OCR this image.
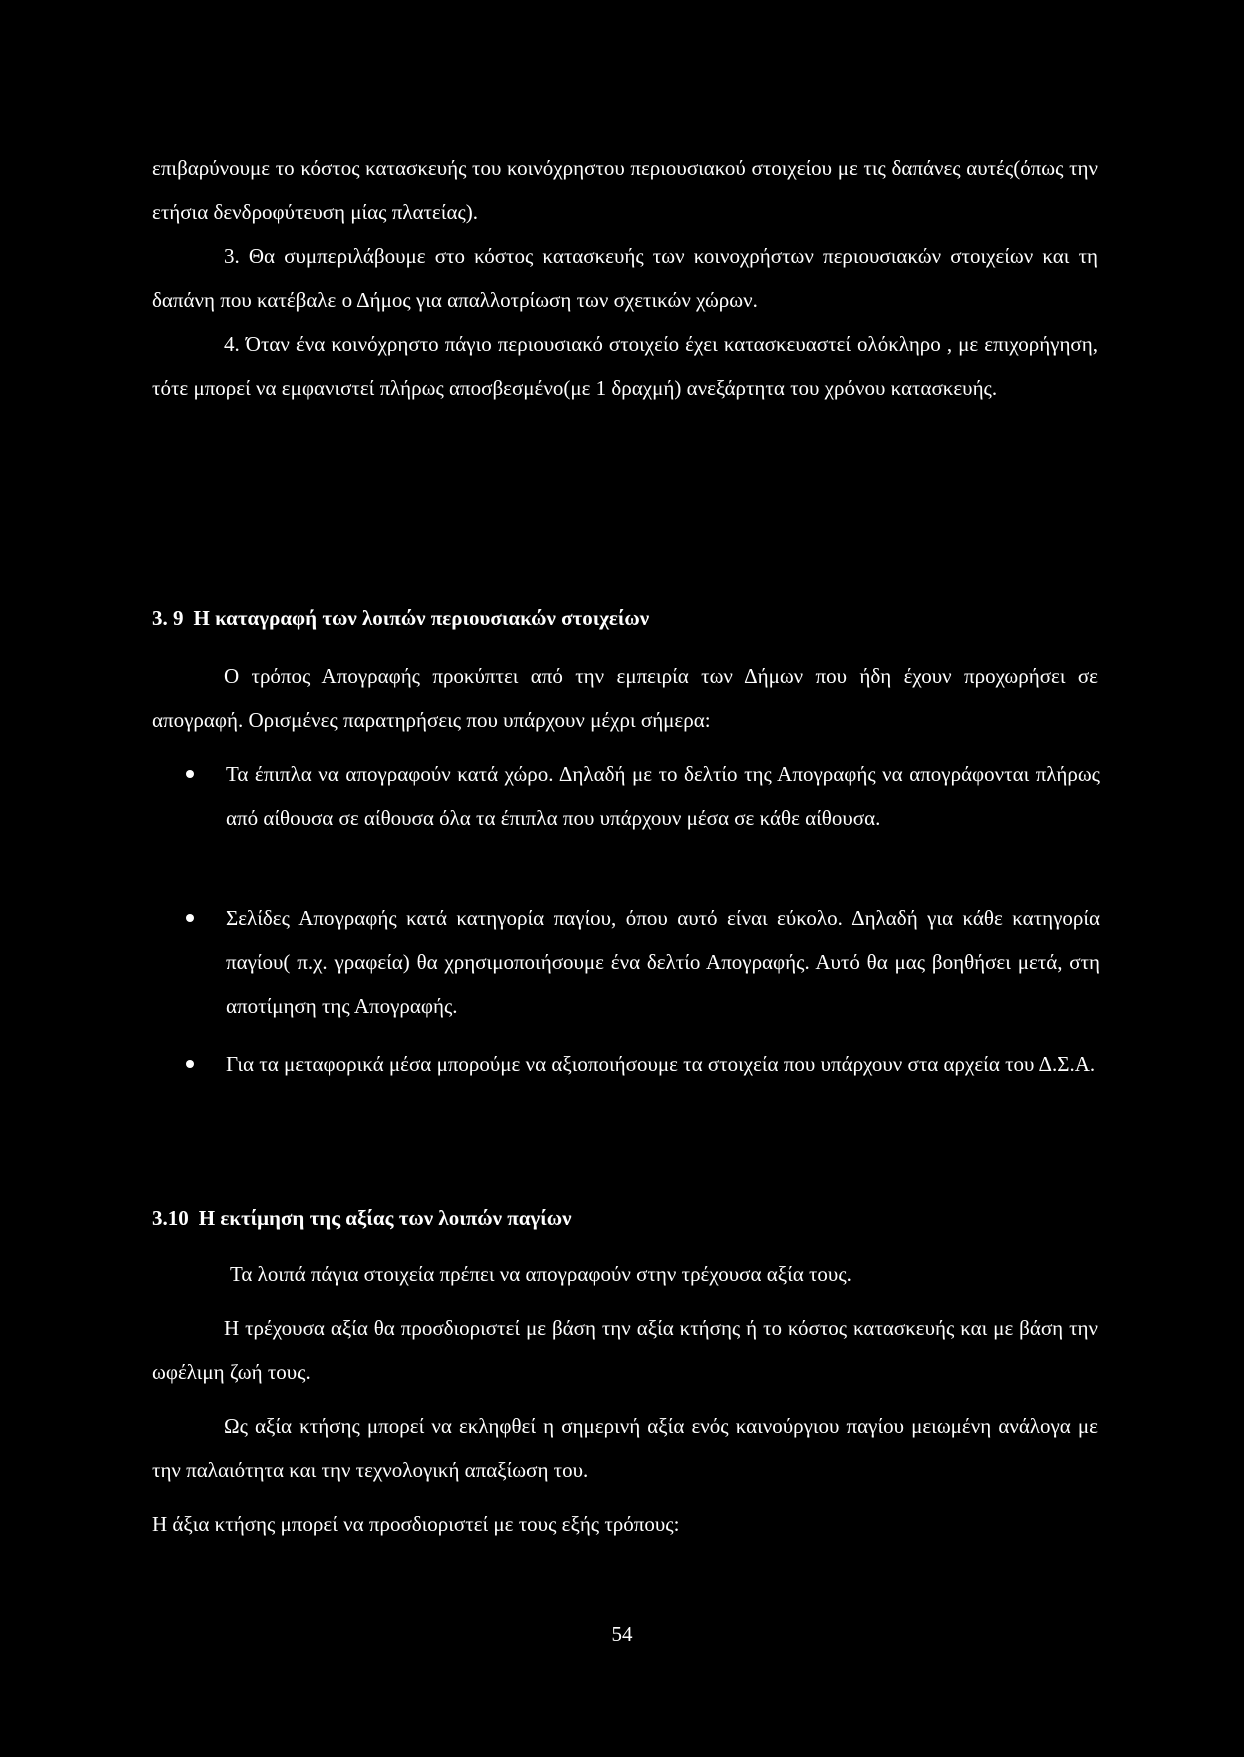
επιβαρύνουμε το κόστος κατασκευής του κοινόχρηστου περιουσιακού στοιχείου με τις δαπάνες αυτές(όπως την ετήσια δενδροφύτευση μίας πλατείας).

3. Θα συμπεριλάβουμε στο κόστος κατασκευής των κοινοχρήστων περιουσιακών στοιχείων και τη δαπάνη που κατέβαλε ο Δήμος για απαλλοτρίωση των σχετικών χώρων.

4. Όταν ένα κοινόχρηστο πάγιο περιουσιακό στοιχείο έχει κατασκευαστεί ολόκληρο , με επιχορήγηση, τότε μπορεί να εμφανιστεί πλήρως αποσβεσμένο(με 1 δραχμή) ανεξάρτητα του χρόνου κατασκευής.

3. 9 Η καταγραφή των λοιπών περιουσιακών στοιχείων

Ο τρόπος Απογραφής προκύπτει από την εμπειρία των Δήμων που ήδη έχουν προχωρήσει σε απογραφή. Ορισμένες παρατηρήσεις που υπάρχουν μέχρι σήμερα:

Τα έπιπλα να απογραφούν κατά χώρο. Δηλαδή με το δελτίο της Απογραφής να απογράφονται πλήρως από αίθουσα σε αίθουσα όλα τα έπιπλα που υπάρχουν μέσα σε κάθε αίθουσα.

Σελίδες Απογραφής κατά κατηγορία παγίου, όπου αυτό είναι εύκολο. Δηλαδή για κάθε κατηγορία παγίου( π.χ. γραφεία) θα χρησιμοποιήσουμε ένα δελτίο Απογραφής. Αυτό θα μας βοηθήσει μετά, στη αποτίμηση της Απογραφής.

Για τα μεταφορικά μέσα μπορούμε να αξιοποιήσουμε τα στοιχεία που υπάρχουν στα αρχεία του Δ.Σ.Α.

3.10 Η εκτίμηση της αξίας των λοιπών παγίων

Τα λοιπά πάγια στοιχεία πρέπει να απογραφούν στην τρέχουσα αξία τους.

Η τρέχουσα αξία θα προσδιοριστεί με βάση την αξία κτήσης ή το κόστος κατασκευής και με βάση την ωφέλιμη ζωή τους.

Ως αξία κτήσης μπορεί να εκληφθεί η σημερινή αξία ενός καινούργιου παγίου μειωμένη ανάλογα με την παλαιότητα και την τεχνολογική απαξίωση του.

Η άξια κτήσης μπορεί να προσδιοριστεί με τους εξής τρόπους:

54
